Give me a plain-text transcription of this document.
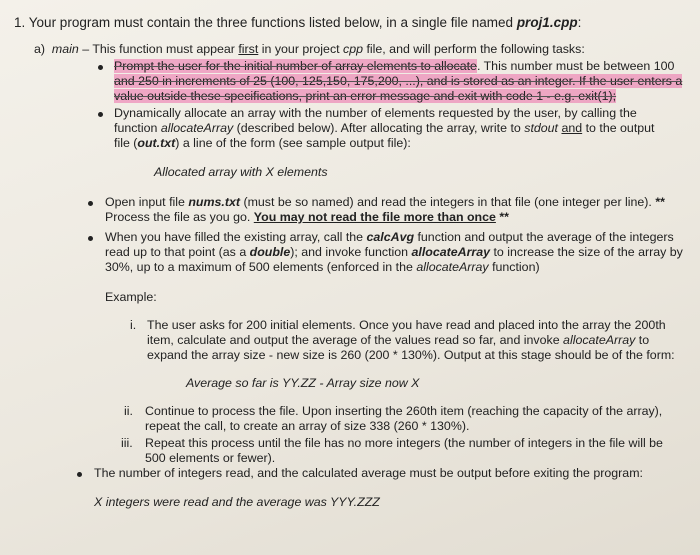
1. Your program must contain the three functions listed below, in a single file named proj1.cpp:
a) main – This function must appear first in your project cpp file, and will perform the following tasks:
Prompt the user for the initial number of array elements to allocate. This number must be between 100
and 250 in increments of 25 (100, 125,150, 175,200, ...), and is stored as an integer. If the user enters a
value outside these specifications, print an error message and exit with code 1 - e.g. exit(1);
Dynamically allocate an array with the number of elements requested by the user, by calling the
function allocateArray (described below). After allocating the array, write to stdout and to the output
file (out.txt) a line of the form (see sample output file):
Allocated array with X elements
Open input file nums.txt (must be so named) and read the integers in that file (one integer per line). **
Process the file as you go. You may not read the file more than once **
When you have filled the existing array, call the calcAvg function and output the average of the integers
read up to that point (as a double); and invoke function allocateArray to increase the size of the array by
30%, up to a maximum of 500 elements (enforced in the allocateArray function)
Example:
i. The user asks for 200 initial elements. Once you have read and placed into the array the 200th
item, calculate and output the average of the values read so far, and invoke allocateArray to
expand the array size - new size is 260 (200 * 130%). Output at this stage should be of the form:
Average so far is YY.ZZ - Array size now X
ii. Continue to process the file. Upon inserting the 260th item (reaching the capacity of the array),
repeat the call, to create an array of size 338 (260 * 130%).
iii. Repeat this process until the file has no more integers (the number of integers in the file will be
500 elements or fewer).
The number of integers read, and the calculated average must be output before exiting the program:
X integers were read and the average was YYY.ZZZ
